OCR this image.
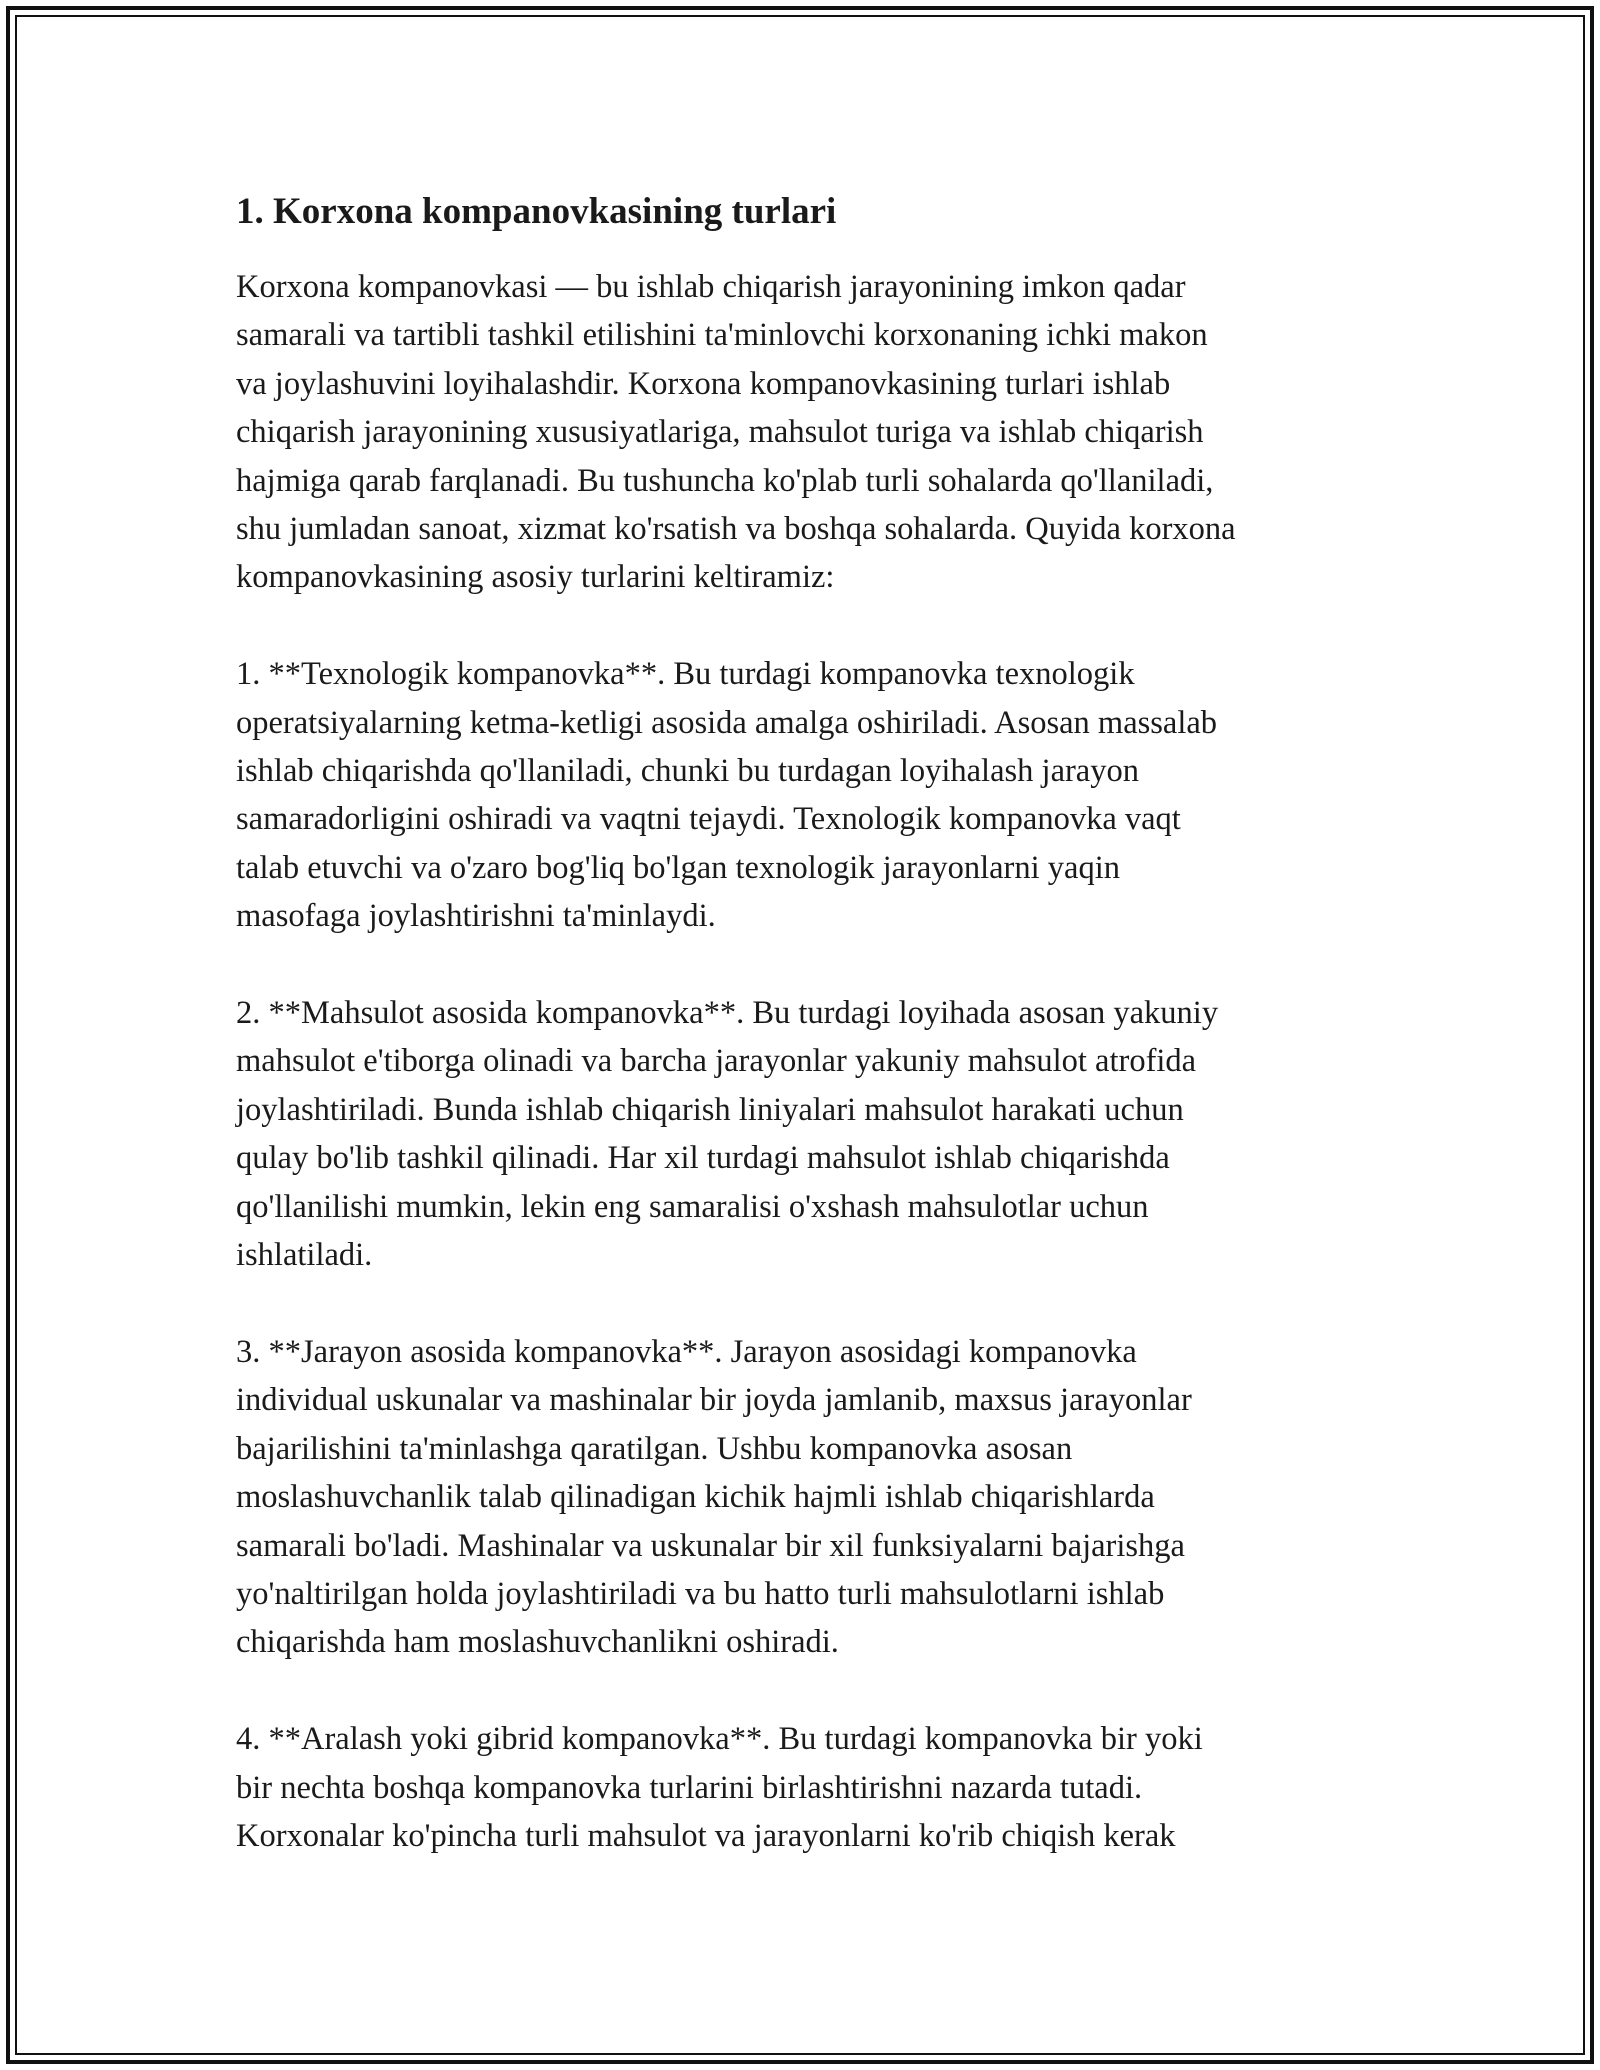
1. Korxona kompanovkasining turlari

Korxona kompanovkasi — bu ishlab chiqarish jarayonining imkon qadar
samarali va tartibli tashkil etilishini ta'minlovchi korxonaning ichki makon
va joylashuvini loyihalashdir. Korxona kompanovkasining turlari ishlab
chiqarish jarayonining xususiyatlariga, mahsulot turiga va ishlab chiqarish
hajmiga qarab farqlanadi. Bu tushuncha ko'plab turli sohalarda qo'llaniladi,
shu jumladan sanoat, xizmat ko'rsatish va boshqa sohalarda. Quyida korxona
kompanovkasining asosiy turlarini keltiramiz:

1. **Texnologik kompanovka**. Bu turdagi kompanovka texnologik
operatsiyalarning ketma-ketligi asosida amalga oshiriladi. Asosan massalab
ishlab chiqarishda qo'llaniladi, chunki bu turdagan loyihalash jarayon
samaradorligini oshiradi va vaqtni tejaydi. Texnologik kompanovka vaqt
talab etuvchi va o'zaro bog'liq bo'lgan texnologik jarayonlarni yaqin
masofaga joylashtirishni ta'minlaydi.

2. **Mahsulot asosida kompanovka**. Bu turdagi loyihada asosan yakuniy
mahsulot e'tiborga olinadi va barcha jarayonlar yakuniy mahsulot atrofida
joylashtiriladi. Bunda ishlab chiqarish liniyalari mahsulot harakati uchun
qulay bo'lib tashkil qilinadi. Har xil turdagi mahsulot ishlab chiqarishda
qo'llanilishi mumkin, lekin eng samaralisi o'xshash mahsulotlar uchun
ishlatiladi.

3. **Jarayon asosida kompanovka**. Jarayon asosidagi kompanovka
individual uskunalar va mashinalar bir joyda jamlanib, maxsus jarayonlar
bajarilishini ta'minlashga qaratilgan. Ushbu kompanovka asosan
moslashuvchanlik talab qilinadigan kichik hajmli ishlab chiqarishlarda
samarali bo'ladi. Mashinalar va uskunalar bir xil funksiyalarni bajarishga
yo'naltirilgan holda joylashtiriladi va bu hatto turli mahsulotlarni ishlab
chiqarishda ham moslashuvchanlikni oshiradi.

4. **Aralash yoki gibrid kompanovka**. Bu turdagi kompanovka bir yoki
bir nechta boshqa kompanovka turlarini birlashtirishni nazarda tutadi.
Korxonalar ko'pincha turli mahsulot va jarayonlarni ko'rib chiqish kerak
